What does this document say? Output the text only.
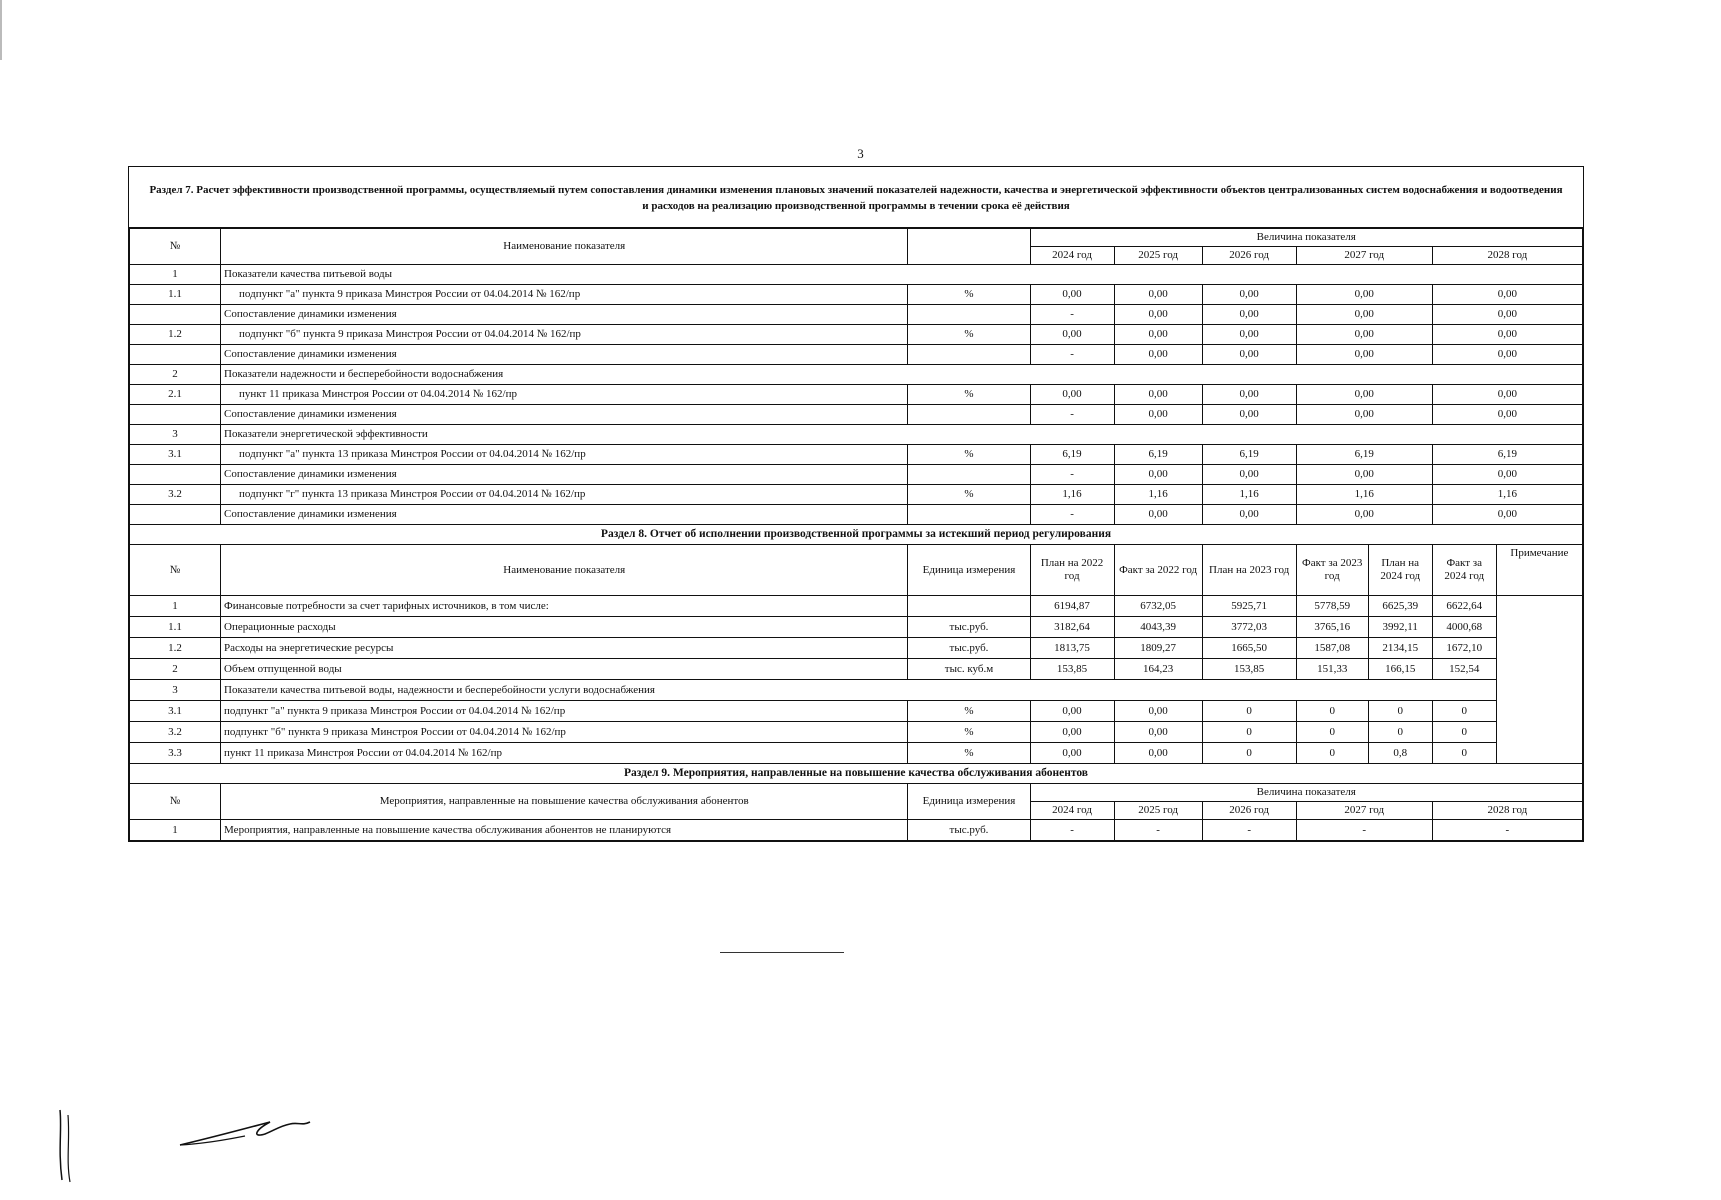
3
Раздел 7. Расчет эффективности производственной программы, осуществляемый путем сопоставления динамики изменения плановых значений показателей надежности, качества и энергетической эффективности объектов централизованных систем водоснабжения и водоотведения и расходов на реализацию производственной программы в течении срока её действия
№	Наименование показателя		Величина показателя						
			2024 год	2025 год	2026 год	2027 год		2028 год	
1	Показатели качества питьевой воды								
1.1	подпункт "а" пункта 9 приказа Минстроя России от 04.04.2014 № 162/пр	%	0,00	0,00	0,00	0,00		0,00	
	Сопоставление динамики изменения		-	0,00	0,00	0,00		0,00	
1.2	подпункт "б" пункта 9 приказа Минстроя России от 04.04.2014 № 162/пр	%	0,00	0,00	0,00	0,00		0,00	
	Сопоставление динамики изменения		-	0,00	0,00	0,00		0,00	
2	Показатели надежности и бесперебойности водоснабжения								
2.1	пункт 11 приказа Минстроя России от 04.04.2014 № 162/пр	%	0,00	0,00	0,00	0,00		0,00	
	Сопоставление динамики изменения		-	0,00	0,00	0,00		0,00	
3	Показатели энергетической эффективности								
3.1	подпункт "а" пункта 13 приказа Минстроя России от 04.04.2014 № 162/пр	%	6,19	6,19	6,19	6,19		6,19	
	Сопоставление динамики изменения		-	0,00	0,00	0,00		0,00	
3.2	подпункт "г" пункта 13 приказа Минстроя России от 04.04.2014 № 162/пр	%	1,16	1,16	1,16	1,16		1,16	
	Сопоставление динамики изменения		-	0,00	0,00	0,00		0,00	
Раздел 8. Отчет об исполнении производственной программы за истекший период регулирования									
№	Наименование показателя	Единица измерения	План на 2022 год	Факт за 2022 год	План на 2023 год	Факт за 2023 год	План на 2024 год	Факт за 2024 год	Примечание
1	Финансовые потребности за счет тарифных источников, в том числе:		6194,87	6732,05	5925,71	5778,59	6625,39	6622,64	
1.1	Операционные расходы	тыс.руб.	3182,64	4043,39	3772,03	3765,16	3992,11	4000,68	
1.2	Расходы на энергетические ресурсы	тыс.руб.	1813,75	1809,27	1665,50	1587,08	2134,15	1672,10	
2	Объем отпущенной воды	тыс. куб.м	153,85	164,23	153,85	151,33	166,15	152,54	
3	Показатели качества питьевой воды, надежности и бесперебойности услуги водоснабжения								
3.1	подпункт "а" пункта 9 приказа Минстроя России от 04.04.2014 № 162/пр	%	0,00	0,00	0	0	0	0	
3.2	подпункт "б" пункта 9 приказа Минстроя России от 04.04.2014 № 162/пр	%	0,00	0,00	0	0	0	0	
3.3	пункт 11 приказа Минстроя России от 04.04.2014 № 162/пр	%	0,00	0,00	0	0	0,8	0	
Раздел 9. Мероприятия, направленные на повышение качества обслуживания абонентов									
№	Мероприятия, направленные на повышение качества обслуживания абонентов	Единица измерения	Величина показателя						
			2024 год	2025 год	2026 год	2027 год		2028 год	
1	Мероприятия, направленные на повышение качества обслуживания абонентов не планируются	тыс.руб.	-	-	-	-		-	
